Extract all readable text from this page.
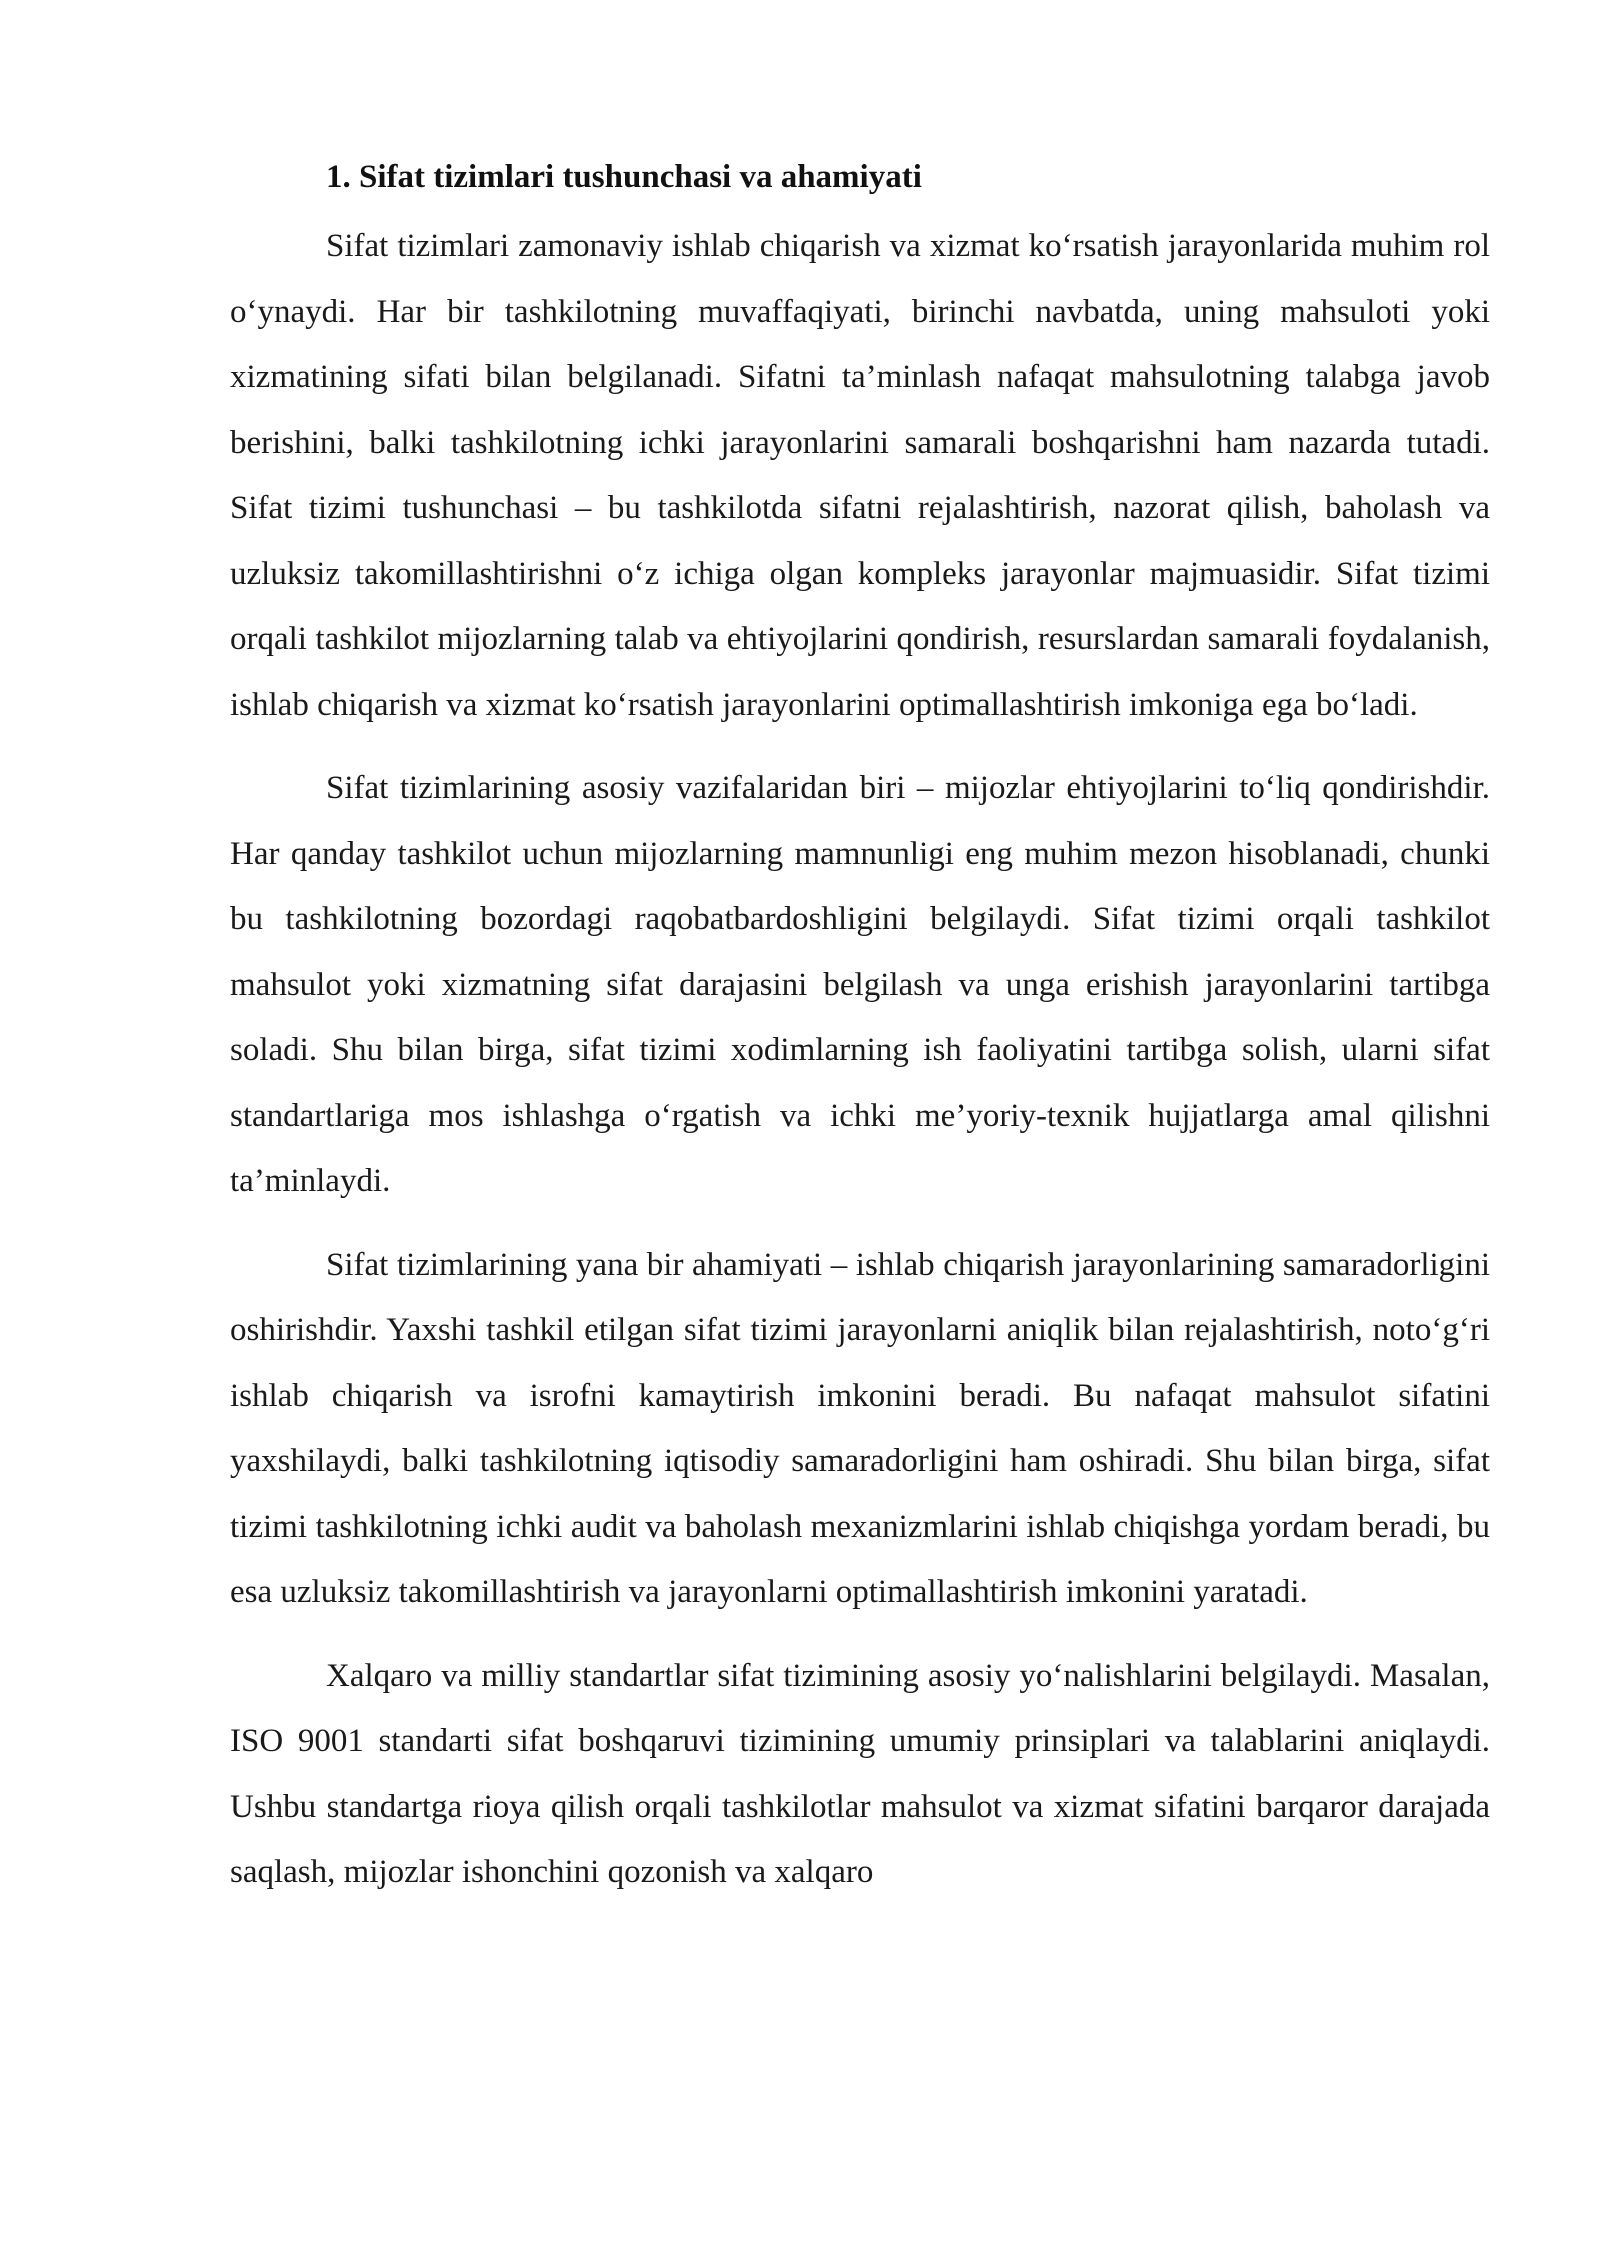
1. Sifat tizimlari tushunchasi va ahamiyati

Sifat tizimlari zamonaviy ishlab chiqarish va xizmat ko‘rsatish jarayonlarida muhim rol o‘ynaydi. Har bir tashkilotning muvaffaqiyati, birinchi navbatda, uning mahsuloti yoki xizmatining sifati bilan belgilanadi. Sifatni ta’minlash nafaqat mahsulotning talabga javob berishini, balki tashkilotning ichki jarayonlarini samarali boshqarishni ham nazarda tutadi. Sifat tizimi tushunchasi – bu tashkilotda sifatni rejalashtirish, nazorat qilish, baholash va uzluksiz takomillashtirishni o‘z ichiga olgan kompleks jarayonlar majmuasidir. Sifat tizimi orqali tashkilot mijozlarning talab va ehtiyojlarini qondirish, resurslardan samarali foydalanish, ishlab chiqarish va xizmat ko‘rsatish jarayonlarini optimallashtirish imkoniga ega bo‘ladi.

Sifat tizimlarining asosiy vazifalaridan biri – mijozlar ehtiyojlarini to‘liq qondirishdir. Har qanday tashkilot uchun mijozlarning mamnunligi eng muhim mezon hisoblanadi, chunki bu tashkilotning bozordagi raqobatbardoshligini belgilaydi. Sifat tizimi orqali tashkilot mahsulot yoki xizmatning sifat darajasini belgilash va unga erishish jarayonlarini tartibga soladi. Shu bilan birga, sifat tizimi xodimlarning ish faoliyatini tartibga solish, ularni sifat standartlariga mos ishlashga o‘rgatish va ichki me’yoriy-texnik hujjatlarga amal qilishni ta’minlaydi.

Sifat tizimlarining yana bir ahamiyati – ishlab chiqarish jarayonlarining samaradorligini oshirishdir. Yaxshi tashkil etilgan sifat tizimi jarayonlarni aniqlik bilan rejalashtirish, noto‘g‘ri ishlab chiqarish va isrofni kamaytirish imkonini beradi. Bu nafaqat mahsulot sifatini yaxshilaydi, balki tashkilotning iqtisodiy samaradorligini ham oshiradi. Shu bilan birga, sifat tizimi tashkilotning ichki audit va baholash mexanizmlarini ishlab chiqishga yordam beradi, bu esa uzluksiz takomillashtirish va jarayonlarni optimallashtirish imkonini yaratadi.

Xalqaro va milliy standartlar sifat tizimining asosiy yo‘nalishlarini belgilaydi. Masalan, ISO 9001 standarti sifat boshqaruvi tizimining umumiy prinsiplari va talablarini aniqlaydi. Ushbu standartga rioya qilish orqali tashkilotlar mahsulot va xizmat sifatini barqaror darajada saqlash, mijozlar ishonchini qozonish va xalqaro
